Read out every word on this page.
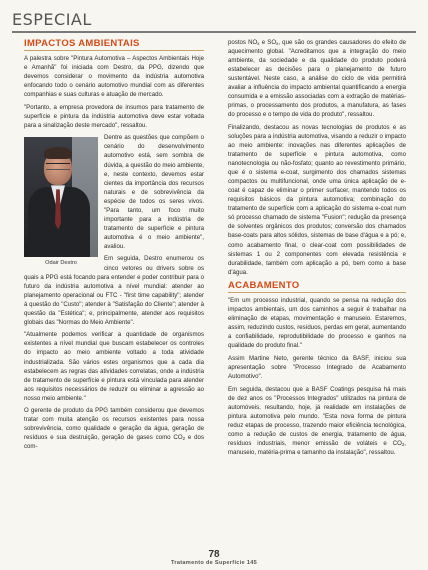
ESPECIAL
IMPACTOS AMBIENTAIS

A palestra sobre "Pintura Automotiva – Aspectos Ambientais Hoje e Amanhã" foi iniciada com Destro, da PPG, dizendo que devemos considerar o movimento da indústria automotiva enfocando todo o cenário automotivo mundial com as diferentes companhias e suas culturas e atuação de mercado.

"Portanto, a empresa provedora de insumos para tratamento de superfície e pintura da indústria automotiva deve estar voltada para a sinalização deste mercado", ressaltou.

Odair Destro

Dentre as questões que compõem o cenário do desenvolvimento automotivo está, sem sombra de dúvida, a questão do meio ambiente, e, neste contexto, devemos estar cientes da importância dos recursos naturais e de sobrevivência da espécie de todos os seres vivos. "Para tanto, um foco muito importante para a indústria de tratamento de superfície e pintura automotiva é o meio ambiente", avaliou.

Em seguida, Destro enumerou os cinco vetores ou drivers sobre os quais a PPG está focando para entender e poder contribuir para o futuro da indústria automotiva a nível mundial: atender ao planejamento operacional ou FTC - "first time capability"; atender à questão do "Custo"; atender à "Satisfação do Cliente"; atender à questão da "Estética"; e, principalmente, atender aos requisitos globais das "Normas do Meio Ambiente".

"Atualmente podemos verificar a quantidade de organismos existentes a nível mundial que buscam estabelecer os controles do impacto ao meio ambiente voltado a toda atividade industrializada. São vários estes organismos que a cada dia estabelecem as regras das atividades correlatas, onde a indústria de tratamento de superfície e pintura está vinculada para atender aos requisitos necessários de reduzir ou eliminar a agressão ao nosso meio ambiente."

O gerente de produto da PPG também considerou que devemos tratar com muita atenção os recursos existentes para nossa sobrevivência, como qualidade e geração da água, geração de resíduos e sua destruição, geração de gases como $CO_2$ e dos com-

postos $NO_x$ e $SO_x$, que são os grandes causadores do efeito de aquecimento global. "Acreditamos que a integração do meio ambiente, da sociedade e da qualidade do produto poderá estabelecer as decisões para o planejamento de futuro sustentável. Neste caso, a análise do ciclo de vida permitirá avaliar a influência do impacto ambiental quantificando a energia consumida e a emissão associadas com a extração de matérias-primas, o processamento dos produtos, a manufatura, as fases do processo e o tempo de vida do produto", ressaltou.

Finalizando, destacou as novas tecnologias de produtos e as soluções para a indústria automotiva, visando a reduzir o impacto ao meio ambiente: inovações nas diferentes aplicações de tratamento de superfície e pintura automotiva, como nanotecnologia ou não-fosfato; quanto ao revestimento primário, que é o sistema e-coat, surgimento dos chamados sistemas compactos ou multifuncional, onde uma única aplicação de e-coat é capaz de eliminar o primer surfacer, mantendo todos os requisitos básicos da pintura automotiva; combinação do tratamento de superfície com a aplicação do sistema e-coat num só processo chamado de sistema "Fusion"; redução da presença de solventes orgânicos dos produtos; conversão dos chamados base-coats para altos sólidos, sistemas de base d'água e a pó; e, como acabamento final, o clear-coat com possibilidades de sistemas 1 ou 2 componentes com elevada resistência e durabilidade, também com aplicação a pó, bem como a base d'água.

ACABAMENTO

"Em um processo industrial, quando se pensa na redução dos impactos ambientais, um dos caminhos a seguir é trabalhar na eliminação de etapas, movimentação e manuseio. Estaremos, assim, reduzindo custos, resíduos, perdas em geral, aumentando a confiabilidade, reprodutibilidade do processo e ganhos na qualidade do produto final."

Assim Martine Neto, gerente técnico da BASF, iniciou sua apresentação sobre "Processo Integrado de Acabamento Automotivo".

Em seguida, destacou que a BASF Coatings pesquisa há mais de dez anos os "Processos Integrados" utilizados na pintura de automóveis, resultando, hoje, já realidade em instalações de pintura automotiva pelo mundo. "Esta nova forma de pintura reduz etapas de processo, trazendo maior eficiência tecnológica, como a redução de custos de energia, tratamento de água, resíduos industriais, menor emissão de voláteis e $CO_2$, manuseio, matéria-prima e tamanho da instalação", ressaltou.

78
Tratamento de Superfície 145
